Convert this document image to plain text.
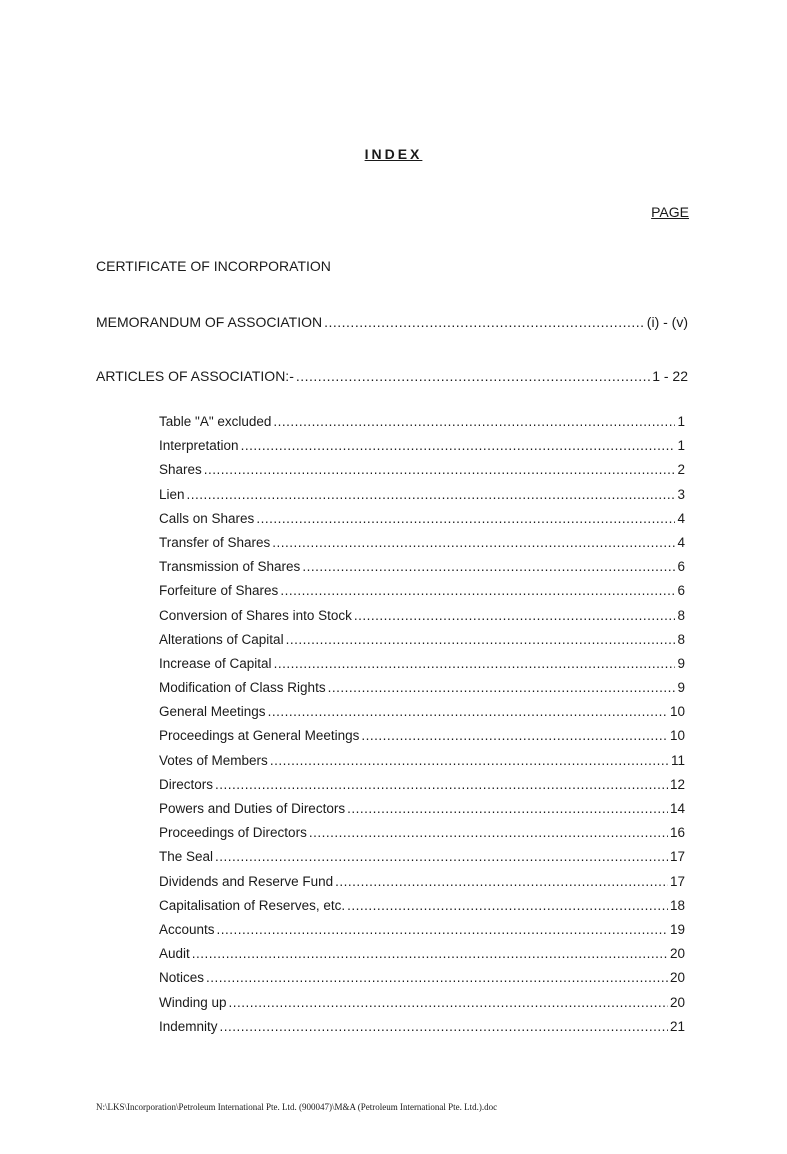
INDEX
PAGE
CERTIFICATE OF INCORPORATION
MEMORANDUM OF ASSOCIATION .....	(i) - (v)
ARTICLES OF ASSOCIATION:- .....	1 - 22
Table "A" excluded .....	1
Interpretation .....	1
Shares .....	2
Lien .....	3
Calls on Shares .....	4
Transfer of Shares .....	4
Transmission of Shares .....	6
Forfeiture of Shares .....	6
Conversion of Shares into Stock .....	8
Alterations of Capital .....	8
Increase of Capital .....	9
Modification of Class Rights .....	9
General Meetings .....	10
Proceedings at General Meetings .....	10
Votes of Members .....	11
Directors .....	12
Powers and Duties of Directors .....	14
Proceedings of Directors .....	16
The Seal .....	17
Dividends and Reserve Fund .....	17
Capitalisation of Reserves, etc. .....	18
Accounts .....	19
Audit .....	20
Notices .....	20
Winding up .....	20
Indemnity .....	21
N:\LKS\Incorporation\Petroleum International Pte. Ltd. (900047)\M&A (Petroleum International Pte. Ltd.).doc
